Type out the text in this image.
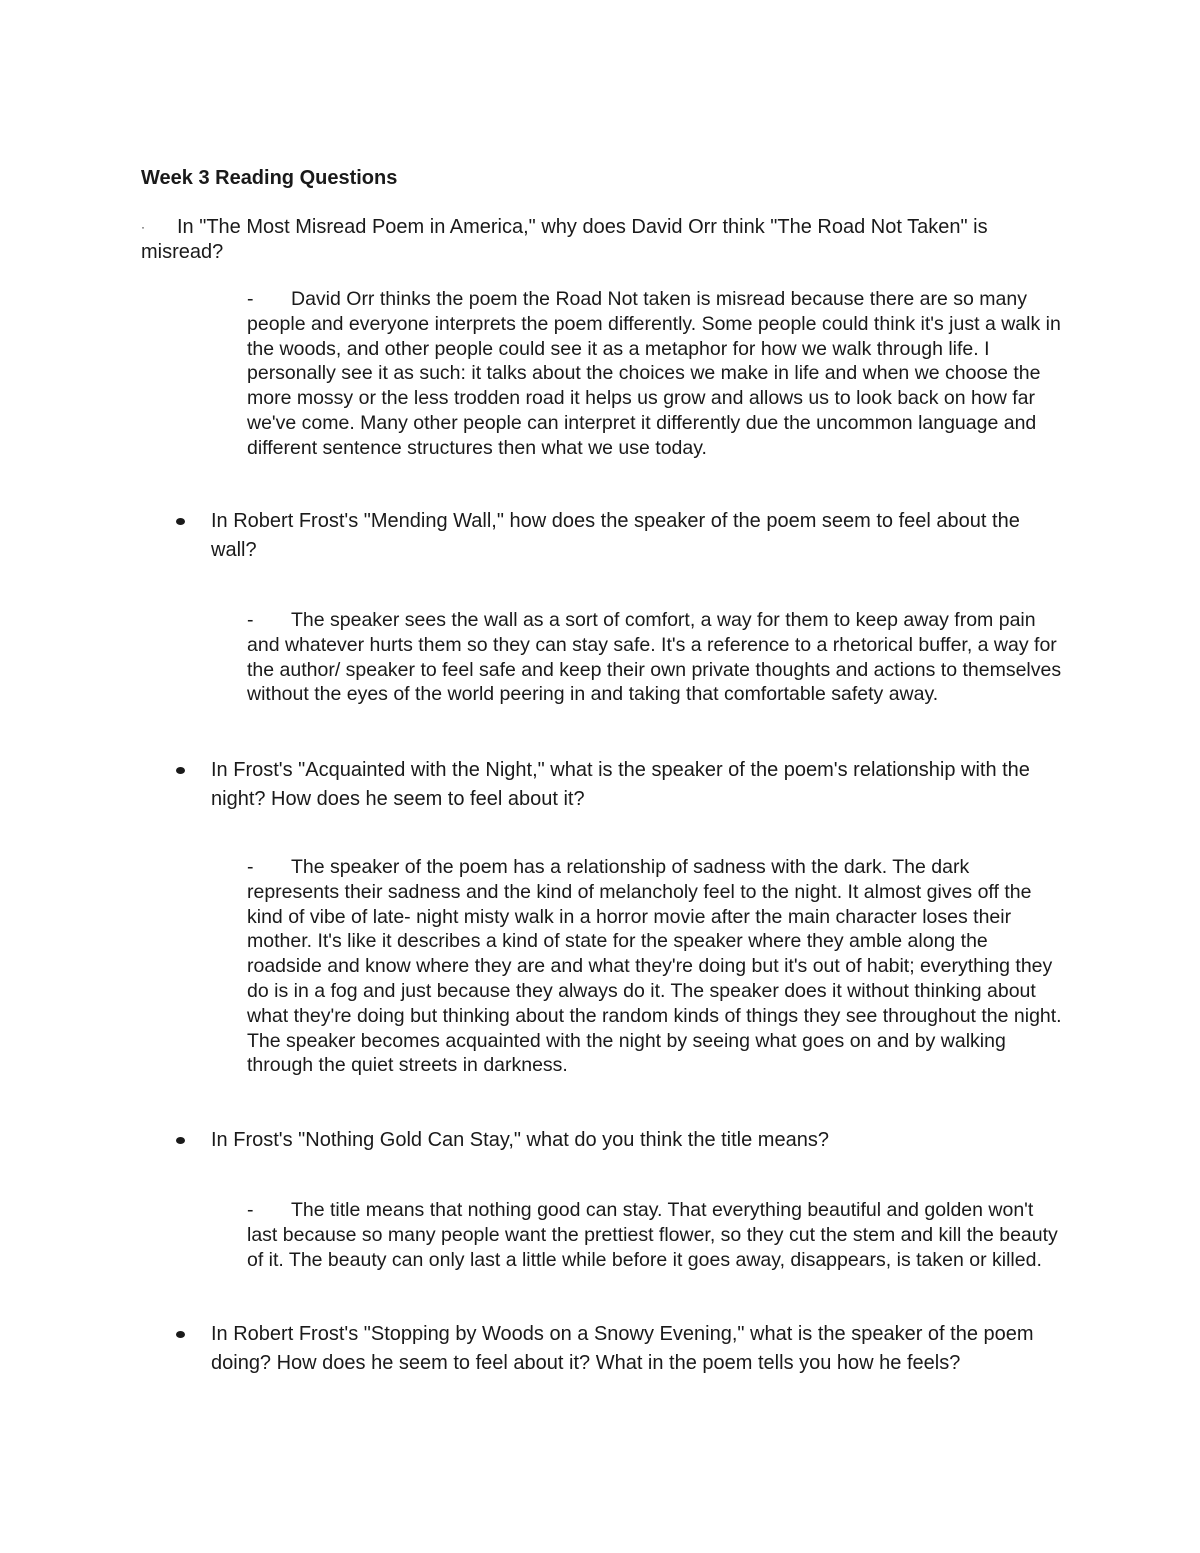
Week 3 Reading Questions

· In "The Most Misread Poem in America," why does David Orr think "The Road Not Taken" is misread?

- David Orr thinks the poem the Road Not taken is misread because there are so many people and everyone interprets the poem differently. Some people could think it's just a walk in the woods, and other people could see it as a metaphor for how we walk through life. I personally see it as such: it talks about the choices we make in life and when we choose the more mossy or the less trodden road it helps us grow and allows us to look back on how far we've come. Many other people can interpret it differently due the uncommon language and different sentence structures then what we use today.

In Robert Frost's "Mending Wall," how does the speaker of the poem seem to feel about the wall?

- The speaker sees the wall as a sort of comfort, a way for them to keep away from pain and whatever hurts them so they can stay safe. It's a reference to a rhetorical buffer, a way for the author/ speaker to feel safe and keep their own private thoughts and actions to themselves without the eyes of the world peering in and taking that comfortable safety away.

In Frost's "Acquainted with the Night," what is the speaker of the poem's relationship with the night? How does he seem to feel about it?

- The speaker of the poem has a relationship of sadness with the dark. The dark represents their sadness and the kind of melancholy feel to the night. It almost gives off the kind of vibe of late- night misty walk in a horror movie after the main character loses their mother. It's like it describes a kind of state for the speaker where they amble along the roadside and know where they are and what they're doing but it's out of habit; everything they do is in a fog and just because they always do it. The speaker does it without thinking about what they're doing but thinking about the random kinds of things they see throughout the night. The speaker becomes acquainted with the night by seeing what goes on and by walking through the quiet streets in darkness.

In Frost's "Nothing Gold Can Stay," what do you think the title means?

- The title means that nothing good can stay. That everything beautiful and golden won't last because so many people want the prettiest flower, so they cut the stem and kill the beauty of it. The beauty can only last a little while before it goes away, disappears, is taken or killed.

In Robert Frost's "Stopping by Woods on a Snowy Evening," what is the speaker of the poem doing? How does he seem to feel about it? What in the poem tells you how he feels?
